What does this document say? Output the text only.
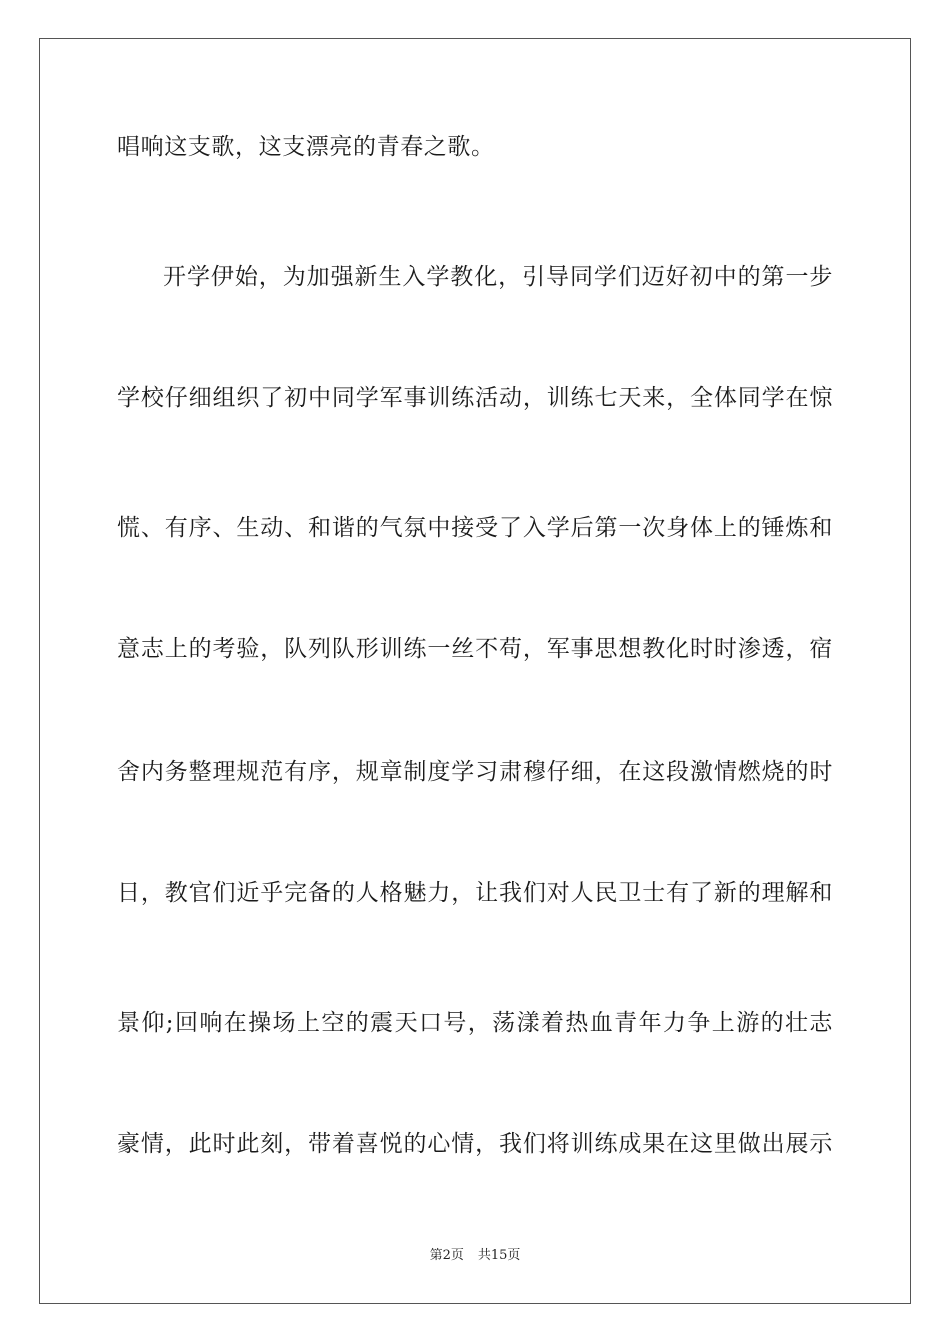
唱响这支歌，这支漂亮的青春之歌。
开学伊始，为加强新生入学教化，引导同学们迈好初中的第一步
学校仔细组织了初中同学军事训练活动，训练七天来，全体同学在惊
慌、有序、生动、和谐的气氛中接受了入学后第一次身体上的锤炼和
意志上的考验，队列队形训练一丝不苟，军事思想教化时时渗透，宿
舍内务整理规范有序，规章制度学习肃穆仔细，在这段激情燃烧的时
日，教官们近乎完备的人格魅力，让我们对人民卫士有了新的理解和
景仰;回响在操场上空的震天口号，荡漾着热血青年力争上游的壮志
豪情，此时此刻，带着喜悦的心情，我们将训练成果在这里做出展示
第2页 共15页
